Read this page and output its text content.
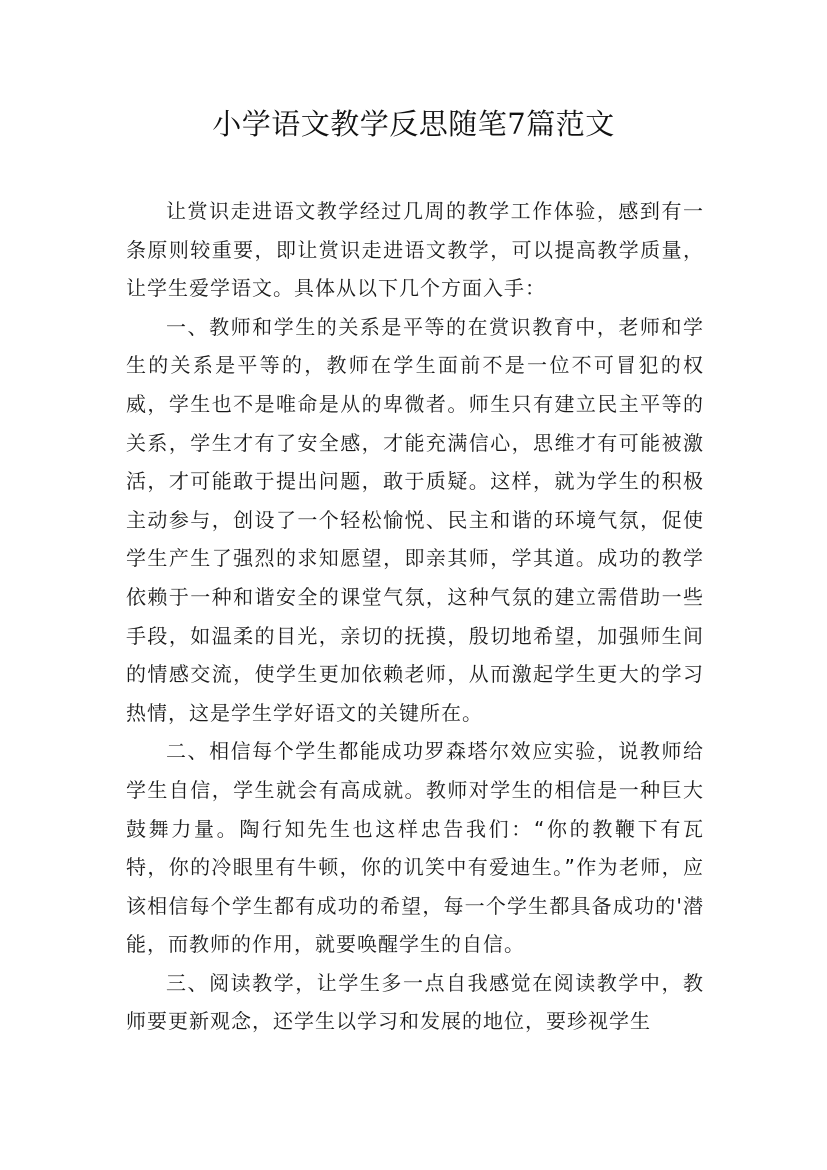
小学语文教学反思随笔7篇范文

让赏识走进语文教学经过几周的教学工作体验，感到有一条原则较重要，即让赏识走进语文教学，可以提高教学质量，让学生爱学语文。具体从以下几个方面入手：

一、教师和学生的关系是平等的在赏识教育中，老师和学生的关系是平等的，教师在学生面前不是一位不可冒犯的权威，学生也不是唯命是从的卑微者。师生只有建立民主平等的关系，学生才有了安全感，才能充满信心，思维才有可能被激活，才可能敢于提出问题，敢于质疑。这样，就为学生的积极主动参与，创设了一个轻松愉悦、民主和谐的环境气氛，促使学生产生了强烈的求知愿望，即亲其师，学其道。成功的教学依赖于一种和谐安全的课堂气氛，这种气氛的建立需借助一些手段，如温柔的目光，亲切的抚摸，殷切地希望，加强师生间的情感交流，使学生更加依赖老师，从而激起学生更大的学习热情，这是学生学好语文的关键所在。

二、相信每个学生都能成功罗森塔尔效应实验，说教师给学生自信，学生就会有高成就。教师对学生的相信是一种巨大鼓舞力量。陶行知先生也这样忠告我们：“你的教鞭下有瓦特，你的冷眼里有牛顿，你的讥笑中有爱迪生。”作为老师，应该相信每个学生都有成功的希望，每一个学生都具备成功的'潜能，而教师的作用，就要唤醒学生的自信。

三、阅读教学，让学生多一点自我感觉在阅读教学中，教师要更新观念，还学生以学习和发展的地位，要珍视学生
